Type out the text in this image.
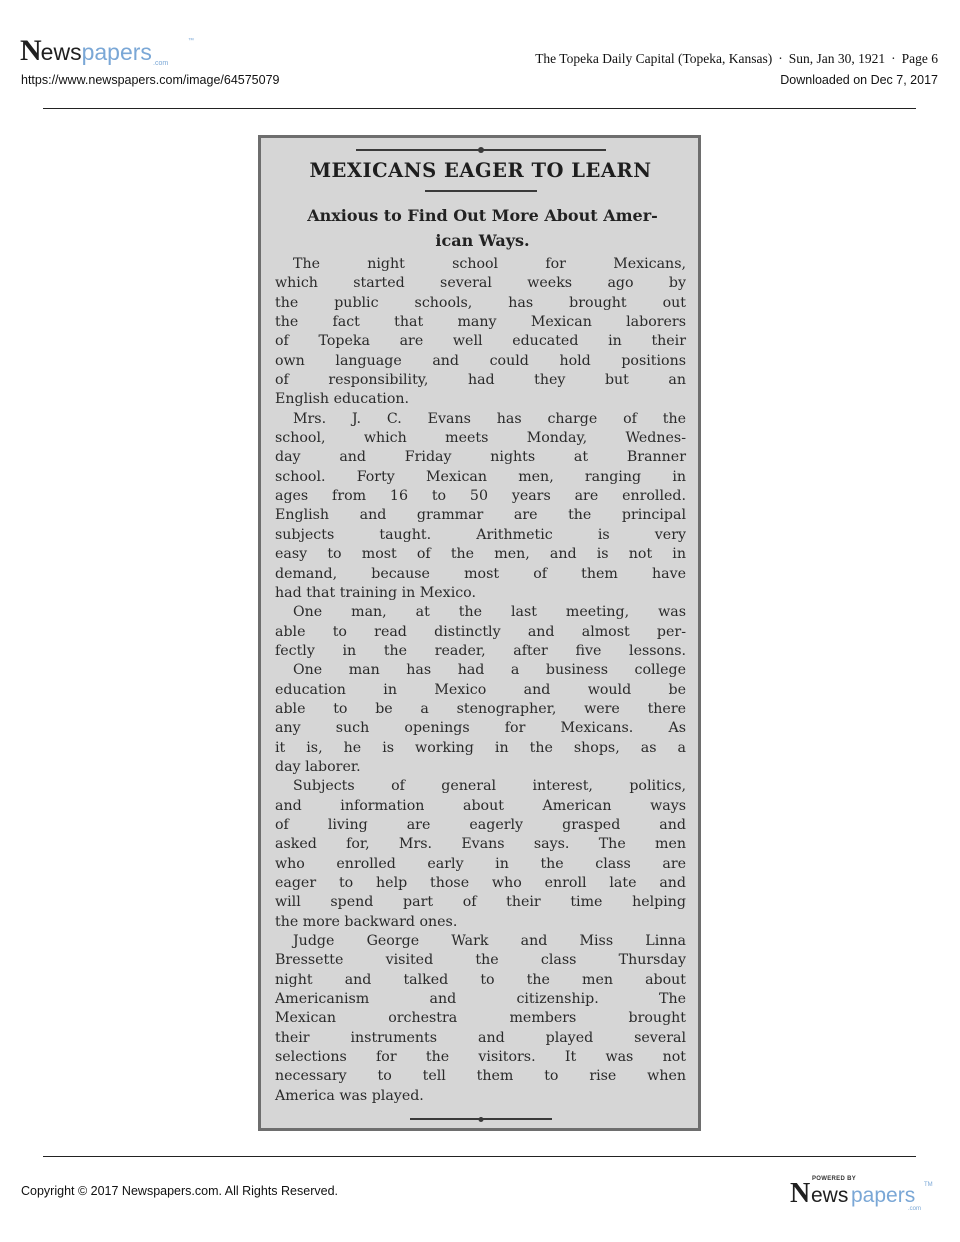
Newspapers .com
™
The Topeka Daily Capital (Topeka, Kansas) · Sun, Jan 30, 1921 · Page 6
https://www.newspapers.com/image/64575079	Downloaded on Dec 7, 2017
MEXICANS EAGER TO LEARN
Anxious to Find Out More About Amer-
ican Ways.
The night school for Mexicans,
which started several weeks ago by
the public schools, has brought out
the fact that many Mexican laborers
of Topeka are well educated in their
own language and could hold positions
of responsibility, had they but an
English education.
Mrs. J. C. Evans has charge of the
school, which meets Monday, Wednes-
day and Friday nights at Branner
school. Forty Mexican men, ranging in
ages from 16 to 50 years are enrolled.
English and grammar are the principal
subjects taught. Arithmetic is very
easy to most of the men, and is not in
demand, because most of them have
had that training in Mexico.
One man, at the last meeting, was
able to read distinctly and almost per-
fectly in the reader, after five lessons.
One man has had a business college
education in Mexico and would be
able to be a stenographer, were there
any such openings for Mexicans. As
it is, he is working in the shops, as a
day laborer.
Subjects of general interest, politics,
and information about American ways
of living are eagerly grasped and
asked for, Mrs. Evans says. The men
who enrolled early in the class are
eager to help those who enroll late and
will spend part of their time helping
the more backward ones.
Judge George Wark and Miss Linna
Bressette visited the class Thursday
night and talked to the men about
Americanism and citizenship. The
Mexican orchestra members brought
their instruments and played several
selections for the visitors. It was not
necessary to tell them to rise when
America was played.
Copyright © 2017 Newspapers.com. All Rights Reserved.
POWERED BY
N ews papers TM
.com
